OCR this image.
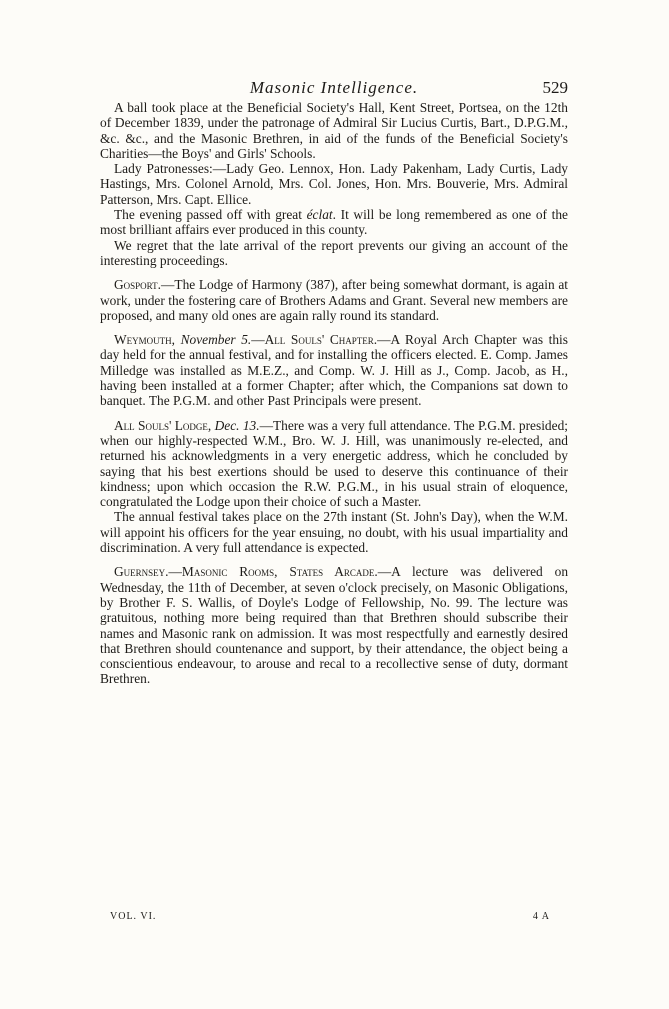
Masonic Intelligence.	529

A ball took place at the Beneficial Society's Hall, Kent Street, Portsea, on the 12th of December 1839, under the patronage of Admiral Sir Lucius Curtis, Bart., D.P.G.M., &c. &c., and the Masonic Brethren, in aid of the funds of the Beneficial Society's Charities—the Boys' and Girls' Schools.

Lady Patronesses:—Lady Geo. Lennox, Hon. Lady Pakenham, Lady Curtis, Lady Hastings, Mrs. Colonel Arnold, Mrs. Col. Jones, Hon. Mrs. Bouverie, Mrs. Admiral Patterson, Mrs. Capt. Ellice.

The evening passed off with great éclat. It will be long remembered as one of the most brilliant affairs ever produced in this county.

We regret that the late arrival of the report prevents our giving an account of the interesting proceedings.

Gosport.—The Lodge of Harmony (387), after being somewhat dormant, is again at work, under the fostering care of Brothers Adams and Grant. Several new members are proposed, and many old ones are again rally round its standard.

Weymouth, November 5.—All Souls' Chapter.—A Royal Arch Chapter was this day held for the annual festival, and for installing the officers elected. E. Comp. James Milledge was installed as M.E.Z., and Comp. W. J. Hill as J., Comp. Jacob, as H., having been installed at a former Chapter; after which, the Companions sat down to banquet. The P.G.M. and other Past Principals were present.

All Souls' Lodge, Dec. 13.—There was a very full attendance. The P.G.M. presided; when our highly-respected W.M., Bro. W. J. Hill, was unanimously re-elected, and returned his acknowledgments in a very energetic address, which he concluded by saying that his best exertions should be used to deserve this continuance of their kindness; upon which occasion the R.W. P.G.M., in his usual strain of eloquence, congratulated the Lodge upon their choice of such a Master.

The annual festival takes place on the 27th instant (St. John's Day), when the W.M. will appoint his officers for the year ensuing, no doubt, with his usual impartiality and discrimination. A very full attendance is expected.

Guernsey.—Masonic Rooms, States Arcade.—A lecture was delivered on Wednesday, the 11th of December, at seven o'clock precisely, on Masonic Obligations, by Brother F. S. Wallis, of Doyle's Lodge of Fellowship, No. 99. The lecture was gratuitous, nothing more being required than that Brethren should subscribe their names and Masonic rank on admission. It was most respectfully and earnestly desired that Brethren should countenance and support, by their attendance, the object being a conscientious endeavour, to arouse and recal to a recollective sense of duty, dormant Brethren.

VOL. VI.	4 A
